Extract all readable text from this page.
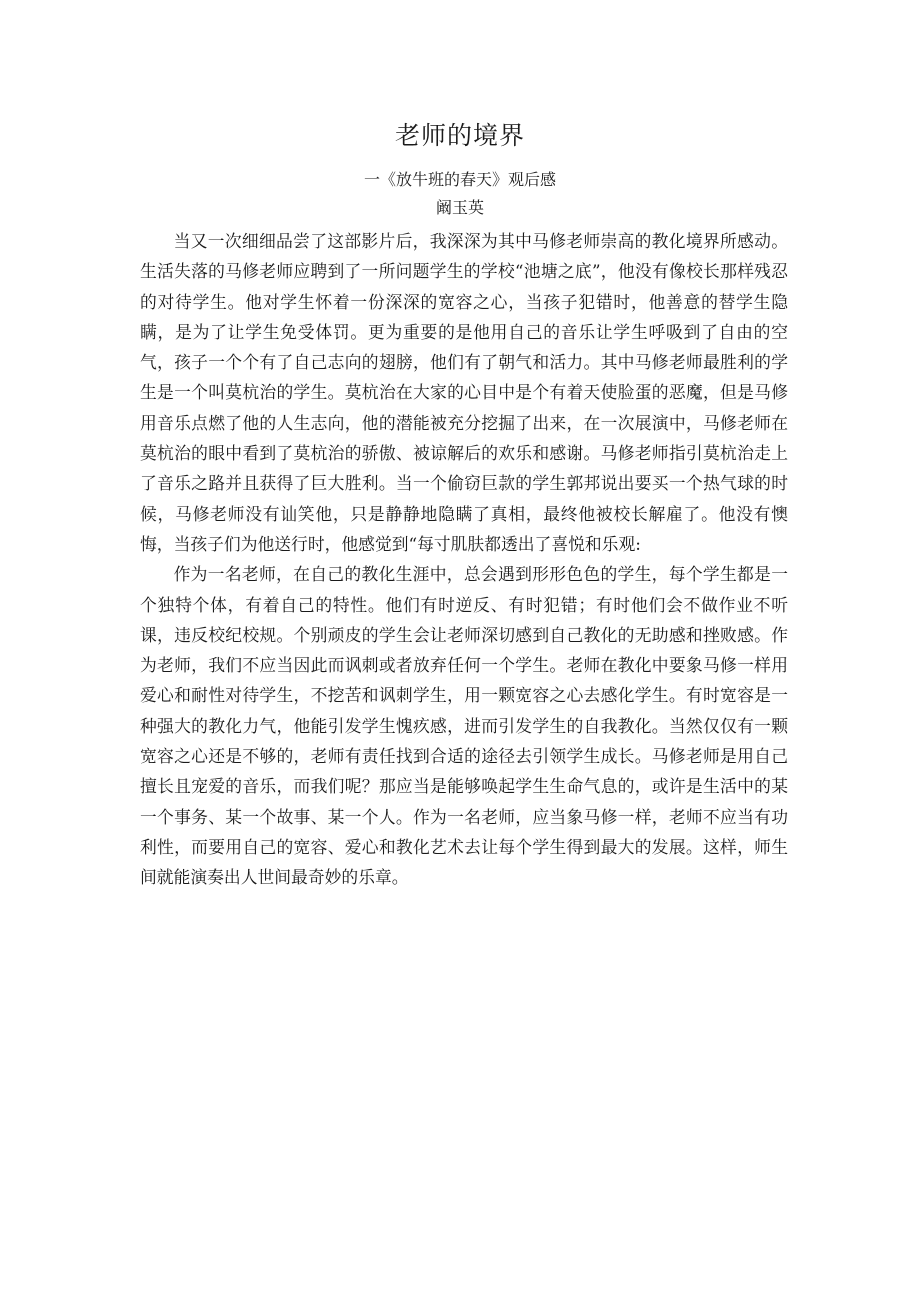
老师的境界
一《放牛班的春天》观后感
阚玉英

当又一次细细品尝了这部影片后，我深深为其中马修老师崇高的教化境界所感动。生活失落的马修老师应聘到了一所问题学生的学校“池塘之底”，他没有像校长那样残忍的对待学生。他对学生怀着一份深深的宽容之心，当孩子犯错时，他善意的替学生隐瞒，是为了让学生免受体罚。更为重要的是他用自己的音乐让学生呼吸到了自由的空气，孩子一个个有了自己志向的翅膀，他们有了朝气和活力。其中马修老师最胜利的学生是一个叫莫杭治的学生。莫杭治在大家的心目中是个有着天使脸蛋的恶魔，但是马修用音乐点燃了他的人生志向，他的潜能被充分挖掘了出来，在一次展演中，马修老师在莫杭治的眼中看到了莫杭治的骄傲、被谅解后的欢乐和感谢。马修老师指引莫杭治走上了音乐之路并且获得了巨大胜利。当一个偷窃巨款的学生郭邦说出要买一个热气球的时候，马修老师没有讪笑他，只是静静地隐瞒了真相，最终他被校长解雇了。他没有懊悔，当孩子们为他送行时，他感觉到“每寸肌肤都透出了喜悦和乐观:

作为一名老师，在自己的教化生涯中，总会遇到形形色色的学生，每个学生都是一个独特个体，有着自己的特性。他们有时逆反、有时犯错；有时他们会不做作业不听课，违反校纪校规。个别顽皮的学生会让老师深切感到自己教化的无助感和挫败感。作为老师，我们不应当因此而讽刺或者放弃任何一个学生。老师在教化中要象马修一样用爱心和耐性对待学生，不挖苦和讽刺学生，用一颗宽容之心去感化学生。有时宽容是一种强大的教化力气，他能引发学生愧疚感，进而引发学生的自我教化。当然仅仅有一颗宽容之心还是不够的，老师有责任找到合适的途径去引领学生成长。马修老师是用自己擅长且宠爱的音乐，而我们呢？那应当是能够唤起学生生命气息的，或许是生活中的某一个事务、某一个故事、某一个人。作为一名老师，应当象马修一样，老师不应当有功利性，而要用自己的宽容、爱心和教化艺术去让每个学生得到最大的发展。这样，师生间就能演奏出人世间最奇妙的乐章。
